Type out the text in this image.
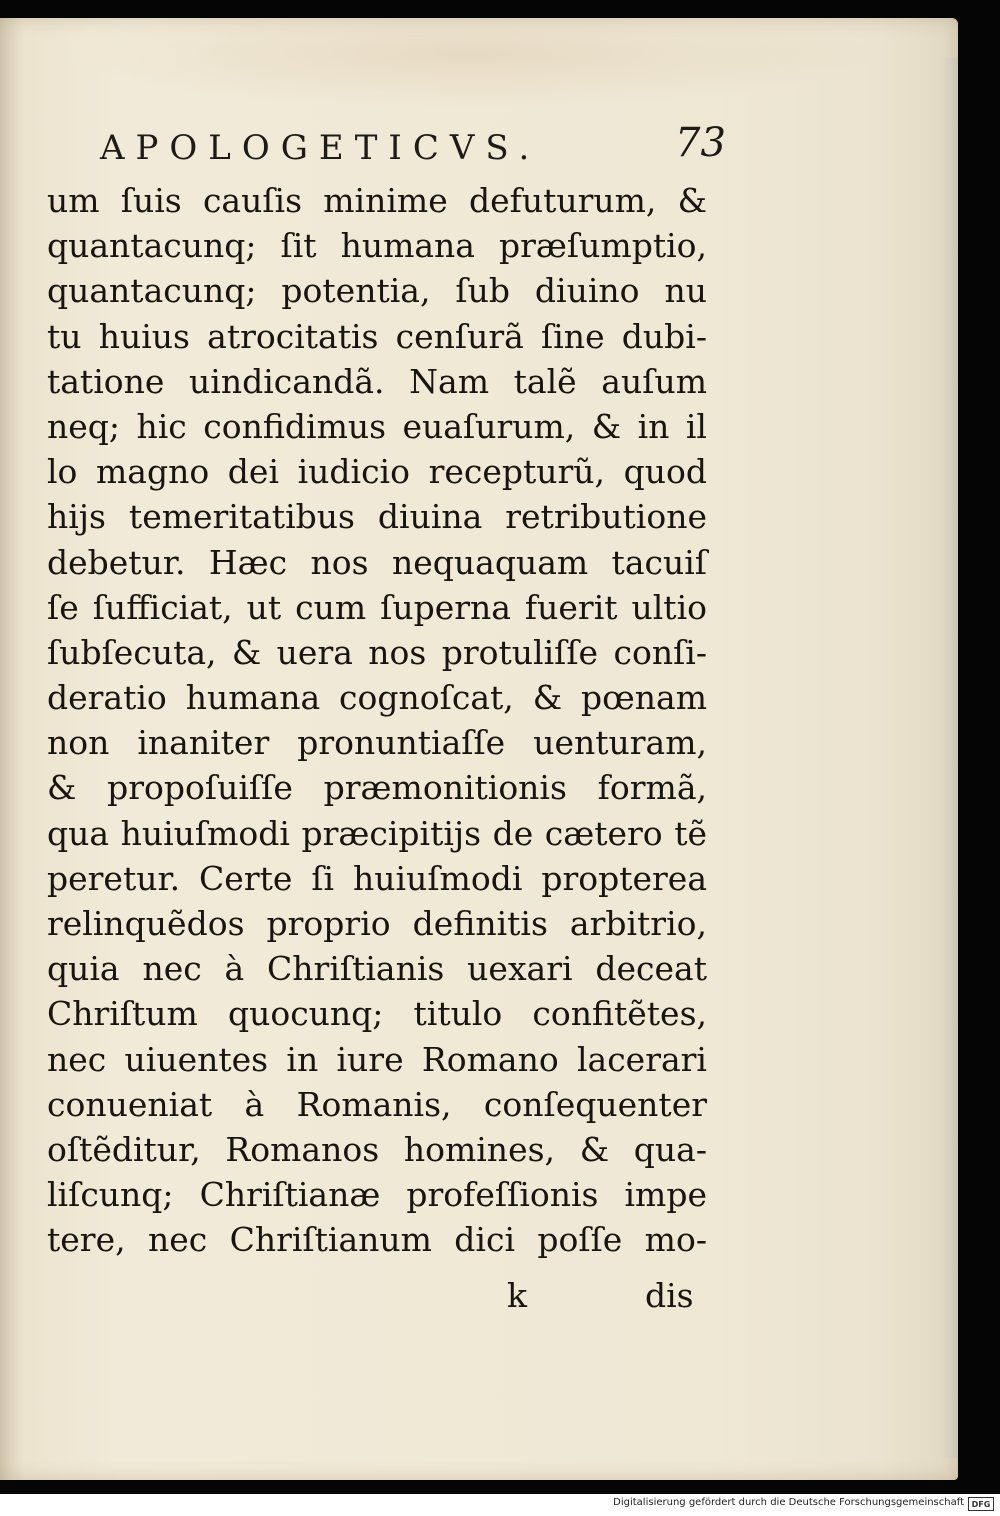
APOLOGETICVS.	73
um ſuis cauſis minime defuturum, &
quantacunq; ſit humana præſumptio,
quantacunq; potentia, ſub diuino nu
tu huius atrocitatis cenſurã ſine dubi-
tatione uindicandã. Nam talẽ auſum
neq; hic confidimus euaſurum, & in il
lo magno dei iudicio recepturũ, quod
hijs temeritatibus diuina retributione
debetur. Hæc nos nequaquam tacuiſ
ſe ſufficiat, ut cum ſuperna fuerit ultio
ſubſecuta, & uera nos protuliſſe conſi-
deratio humana cognoſcat, & pœnam
non inaniter pronuntiaſſe uenturam,
& propoſuiſſe præmonitionis formã,
qua huiuſmodi præcipitijs de cætero tẽ
peretur. Certe ſi huiuſmodi propterea
relinquẽdos proprio definitis arbitrio,
quia nec à Chriſtianis uexari deceat
Chriſtum quocunq; titulo confitẽtes,
nec uiuentes in iure Romano lacerari
conueniat à Romanis, conſequenter
oſtẽditur, Romanos homines, & qua-
liſcunq; Chriſtianæ profeſſionis impe
tere, nec Chriſtianum dici poſſe mo-
k	dis
Digitalisierung gefördert durch die Deutsche Forschungsgemeinschaft DFG
